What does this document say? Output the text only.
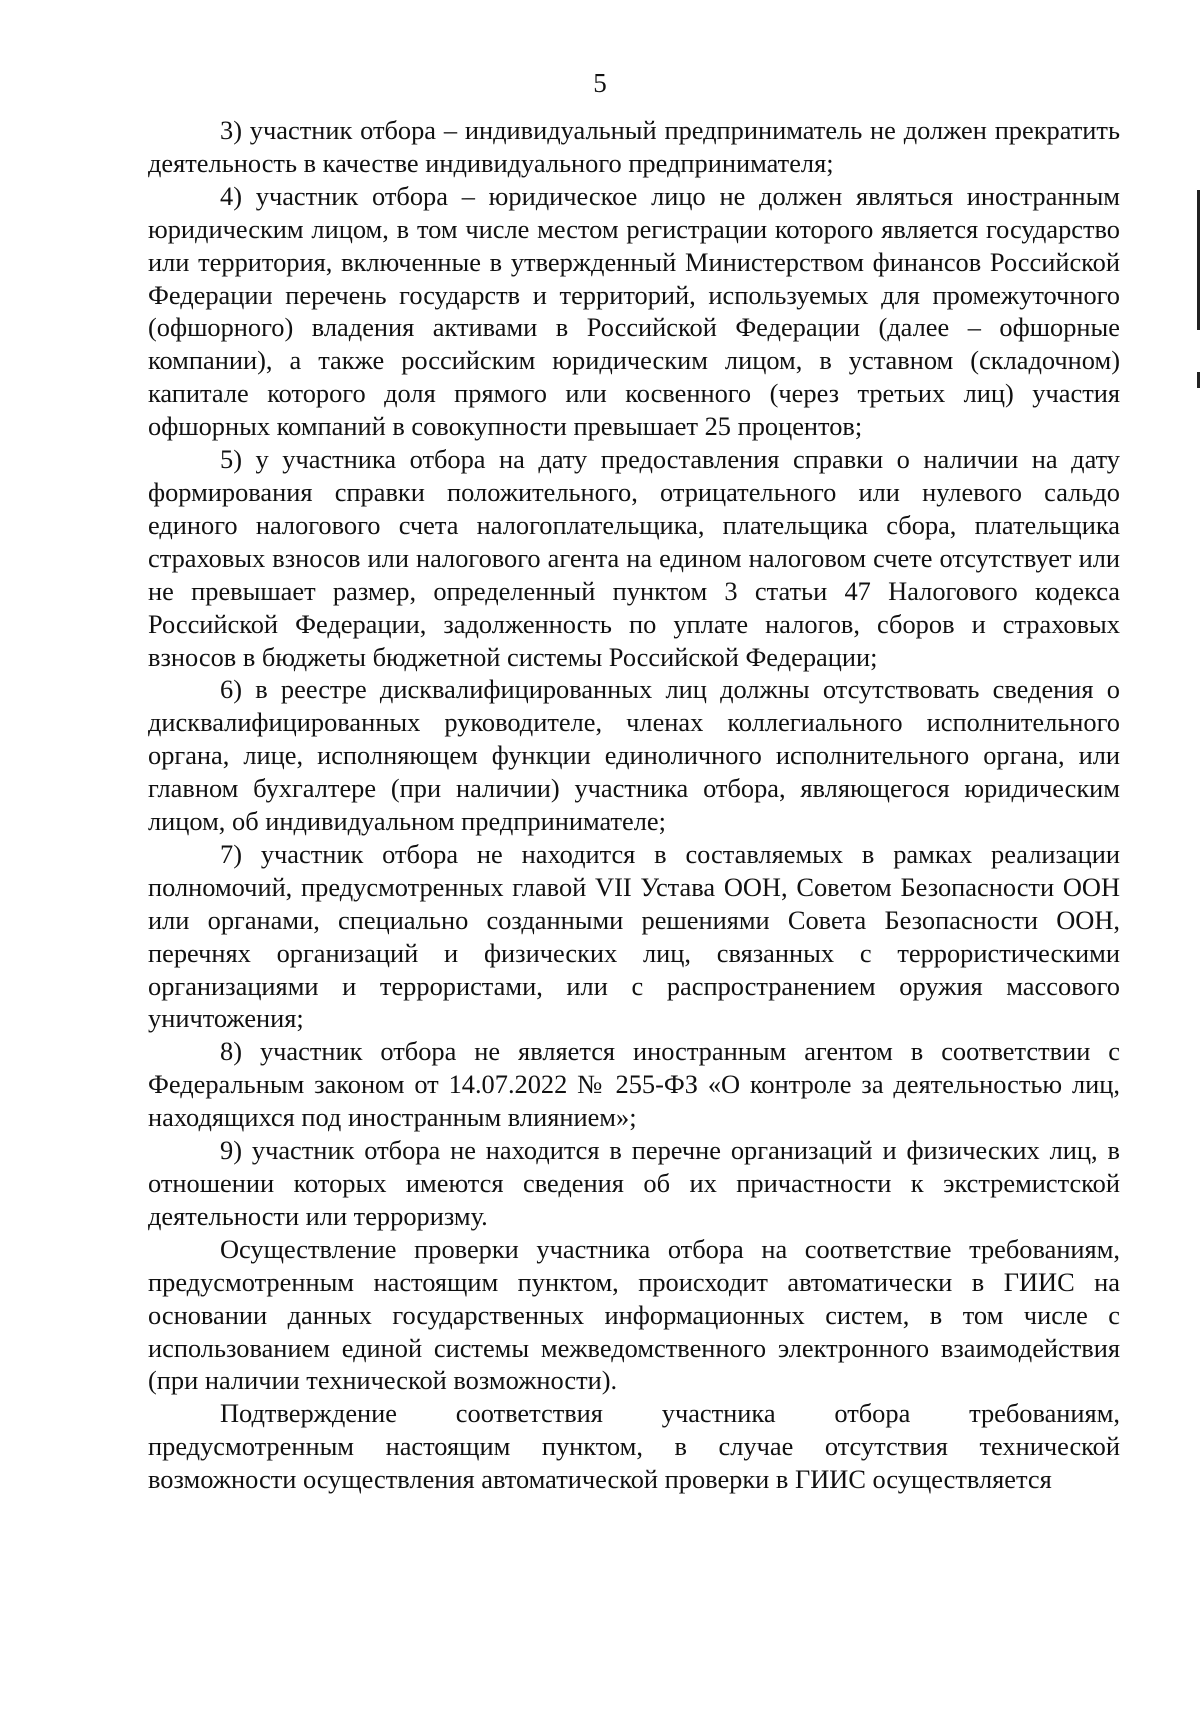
5

3) участник отбора – индивидуальный предприниматель не должен прекратить деятельность в качестве индивидуального предпринимателя;

4) участник отбора – юридическое лицо не должен являться иностранным юридическим лицом, в том числе местом регистрации которого является государство или территория, включенные в утвержденный Министерством финансов Российской Федерации перечень государств и территорий, используемых для промежуточного (офшорного) владения активами в Российской Федерации (далее – офшорные компании), а также российским юридическим лицом, в уставном (складочном) капитале которого доля прямого или косвенного (через третьих лиц) участия офшорных компаний в совокупности превышает 25 процентов;

5) у участника отбора на дату предоставления справки о наличии на дату формирования справки положительного, отрицательного или нулевого сальдо единого налогового счета налогоплательщика, плательщика сбора, плательщика страховых взносов или налогового агента на едином налоговом счете отсутствует или не превышает размер, определенный пунктом 3 статьи 47 Налогового кодекса Российской Федерации, задолженность по уплате налогов, сборов и страховых взносов в бюджеты бюджетной системы Российской Федерации;

6) в реестре дисквалифицированных лиц должны отсутствовать сведения о дисквалифицированных руководителе, членах коллегиального исполнительного органа, лице, исполняющем функции единоличного исполнительного органа, или главном бухгалтере (при наличии) участника отбора, являющегося юридическим лицом, об индивидуальном предпринимателе;

7) участник отбора не находится в составляемых в рамках реализации полномочий, предусмотренных главой VII Устава ООН, Советом Безопасности ООН или органами, специально созданными решениями Совета Безопасности ООН, перечнях организаций и физических лиц, связанных с террористическими организациями и террористами, или с распространением оружия массового уничтожения;

8) участник отбора не является иностранным агентом в соответствии с Федеральным законом от 14.07.2022 № 255-ФЗ «О контроле за деятельностью лиц, находящихся под иностранным влиянием»;

9) участник отбора не находится в перечне организаций и физических лиц, в отношении которых имеются сведения об их причастности к экстремистской деятельности или терроризму.

Осуществление проверки участника отбора на соответствие требованиям, предусмотренным настоящим пунктом, происходит автоматически в ГИИС на основании данных государственных информационных систем, в том числе с использованием единой системы межведомственного электронного взаимодействия (при наличии технической возможности).

Подтверждение соответствия участника отбора требованиям, предусмотренным настоящим пунктом, в случае отсутствия технической возможности осуществления автоматической проверки в ГИИС осуществляется
